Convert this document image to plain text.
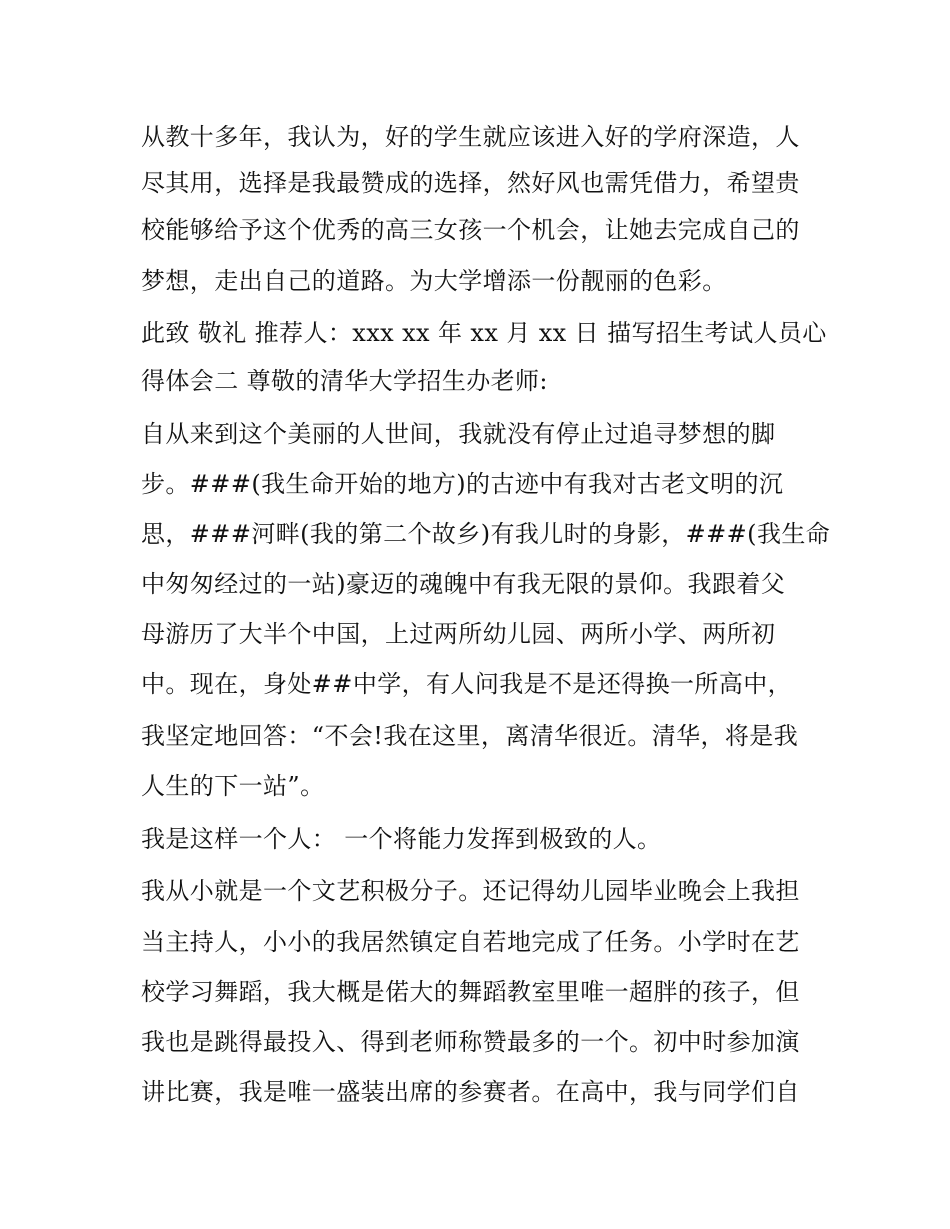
从教十多年，我认为，好的学生就应该进入好的学府深造，人
尽其用，选择是我最赞成的选择，然好风也需凭借力，希望贵
校能够给予这个优秀的高三女孩一个机会，让她去完成自己的
梦想，走出自己的道路。为大学增添一份靓丽的色彩。
此致 敬礼 推荐人：xxx xx 年 xx 月 xx 日 描写招生考试人员心
得体会二 尊敬的清华大学招生办老师:
自从来到这个美丽的人世间，我就没有停止过追寻梦想的脚
步。###(我生命开始的地方)的古迹中有我对古老文明的沉
思，###河畔(我的第二个故乡)有我儿时的身影，###(我生命
中匆匆经过的一站)豪迈的魂魄中有我无限的景仰。我跟着父
母游历了大半个中国，上过两所幼儿园、两所小学、两所初
中。现在，身处##中学，有人问我是不是还得换一所高中，
我坚定地回答：“不会!我在这里，离清华很近。清华，将是我
人生的下一站”。
我是这样一个人： 一个将能力发挥到极致的人。
我从小就是一个文艺积极分子。还记得幼儿园毕业晚会上我担
当主持人，小小的我居然镇定自若地完成了任务。小学时在艺
校学习舞蹈，我大概是偌大的舞蹈教室里唯一超胖的孩子，但
我也是跳得最投入、得到老师称赞最多的一个。初中时参加演
讲比赛，我是唯一盛装出席的参赛者。在高中，我与同学们自
